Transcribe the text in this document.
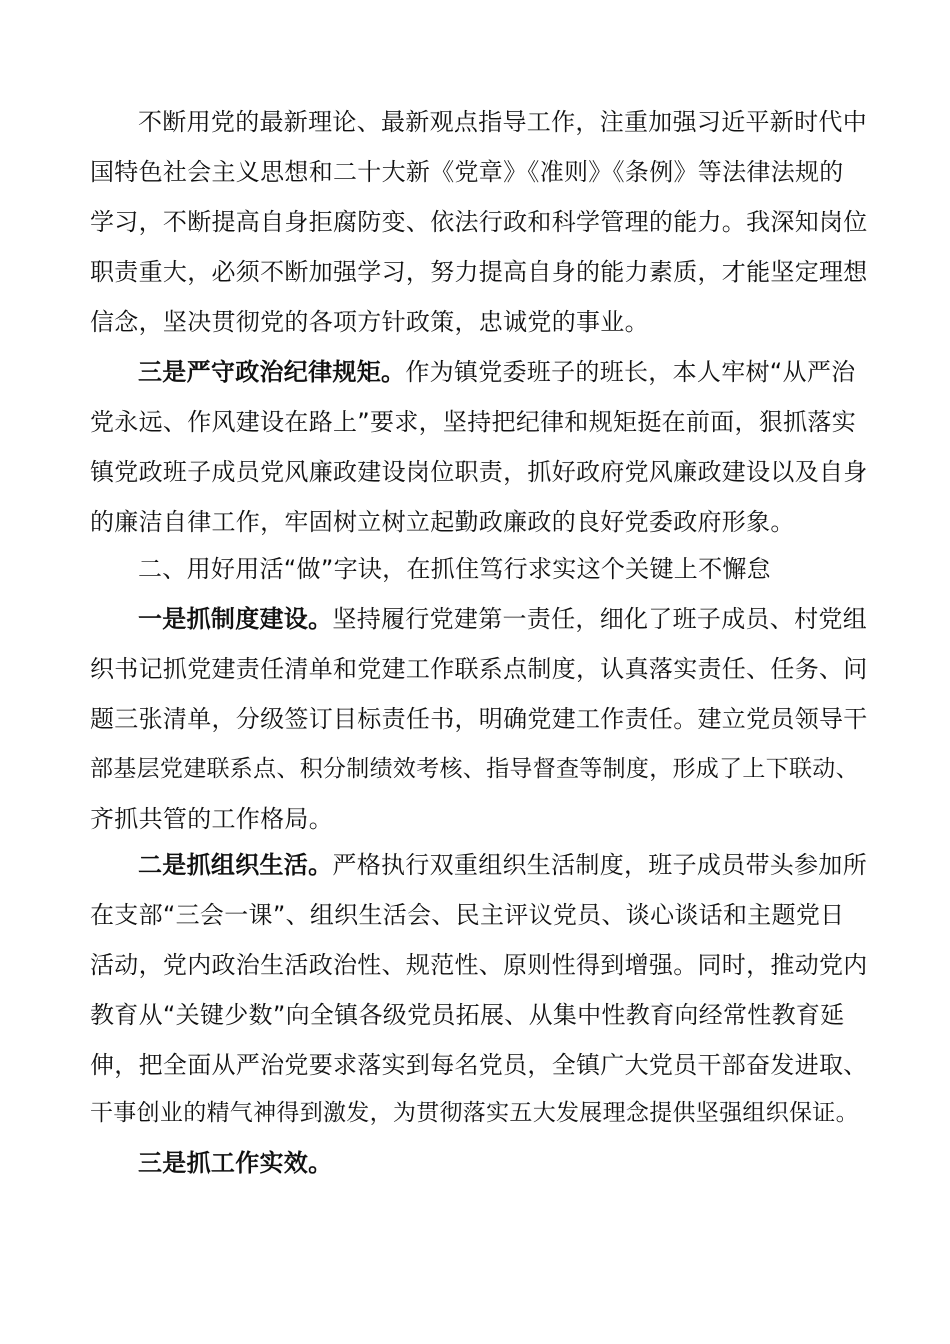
不断用党的最新理论、最新观点指导工作，注重加强习近平新时代中
国特色社会主义思想和二十大新《党章》《准则》《条例》等法律法规的
学习，不断提高自身拒腐防变、依法行政和科学管理的能力。我深知岗位
职责重大，必须不断加强学习，努力提高自身的能力素质，才能坚定理想
信念，坚决贯彻党的各项方针政策，忠诚党的事业。
三是严守政治纪律规矩。作为镇党委班子的班长，本人牢树“从严治
党永远、作风建设在路上”要求，坚持把纪律和规矩挺在前面，狠抓落实
镇党政班子成员党风廉政建设岗位职责，抓好政府党风廉政建设以及自身
的廉洁自律工作，牢固树立树立起勤政廉政的良好党委政府形象。
二、用好用活“做”字诀，在抓住笃行求实这个关键上不懈怠
一是抓制度建设。坚持履行党建第一责任，细化了班子成员、村党组
织书记抓党建责任清单和党建工作联系点制度，认真落实责任、任务、问
题三张清单，分级签订目标责任书，明确党建工作责任。建立党员领导干
部基层党建联系点、积分制绩效考核、指导督查等制度，形成了上下联动、
齐抓共管的工作格局。
二是抓组织生活。严格执行双重组织生活制度，班子成员带头参加所
在支部“三会一课”、组织生活会、民主评议党员、谈心谈话和主题党日
活动，党内政治生活政治性、规范性、原则性得到增强。同时，推动党内
教育从“关键少数”向全镇各级党员拓展、从集中性教育向经常性教育延
伸，把全面从严治党要求落实到每名党员，全镇广大党员干部奋发进取、
干事创业的精气神得到激发，为贯彻落实五大发展理念提供坚强组织保证。
三是抓工作实效。
